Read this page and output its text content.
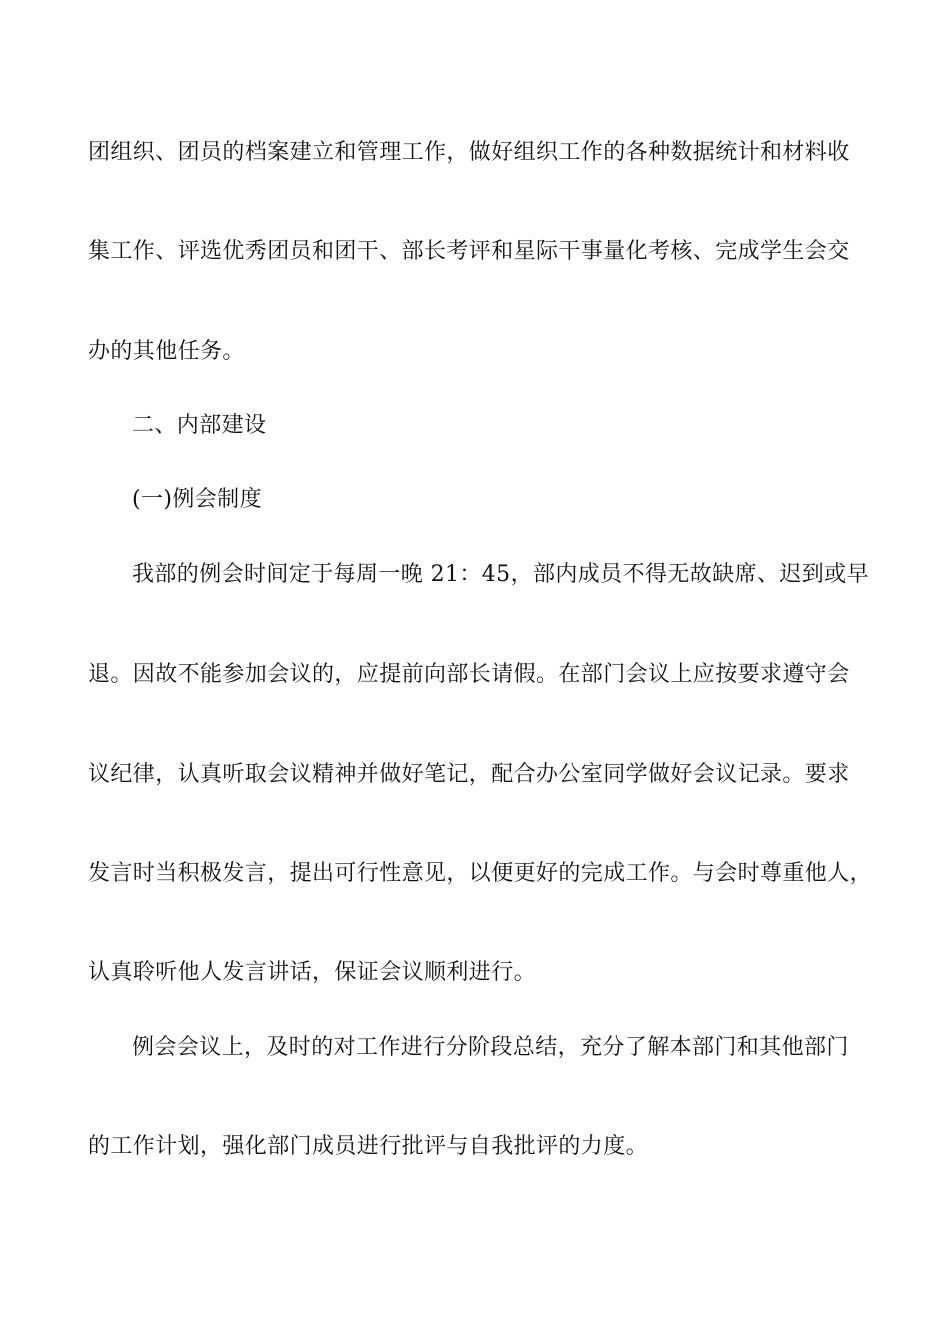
团组织、团员的档案建立和管理工作，做好组织工作的各种数据统计和材料收
集工作、评选优秀团员和团干、部长考评和星际干事量化考核、完成学生会交
办的其他任务。
二、内部建设
(一)例会制度
我部的例会时间定于每周一晚 21：45，部内成员不得无故缺席、迟到或早
退。因故不能参加会议的，应提前向部长请假。在部门会议上应按要求遵守会
议纪律，认真听取会议精神并做好笔记，配合办公室同学做好会议记录。要求
发言时当积极发言，提出可行性意见，以便更好的完成工作。与会时尊重他人，
认真聆听他人发言讲话，保证会议顺利进行。
例会会议上，及时的对工作进行分阶段总结，充分了解本部门和其他部门
的工作计划，强化部门成员进行批评与自我批评的力度。
